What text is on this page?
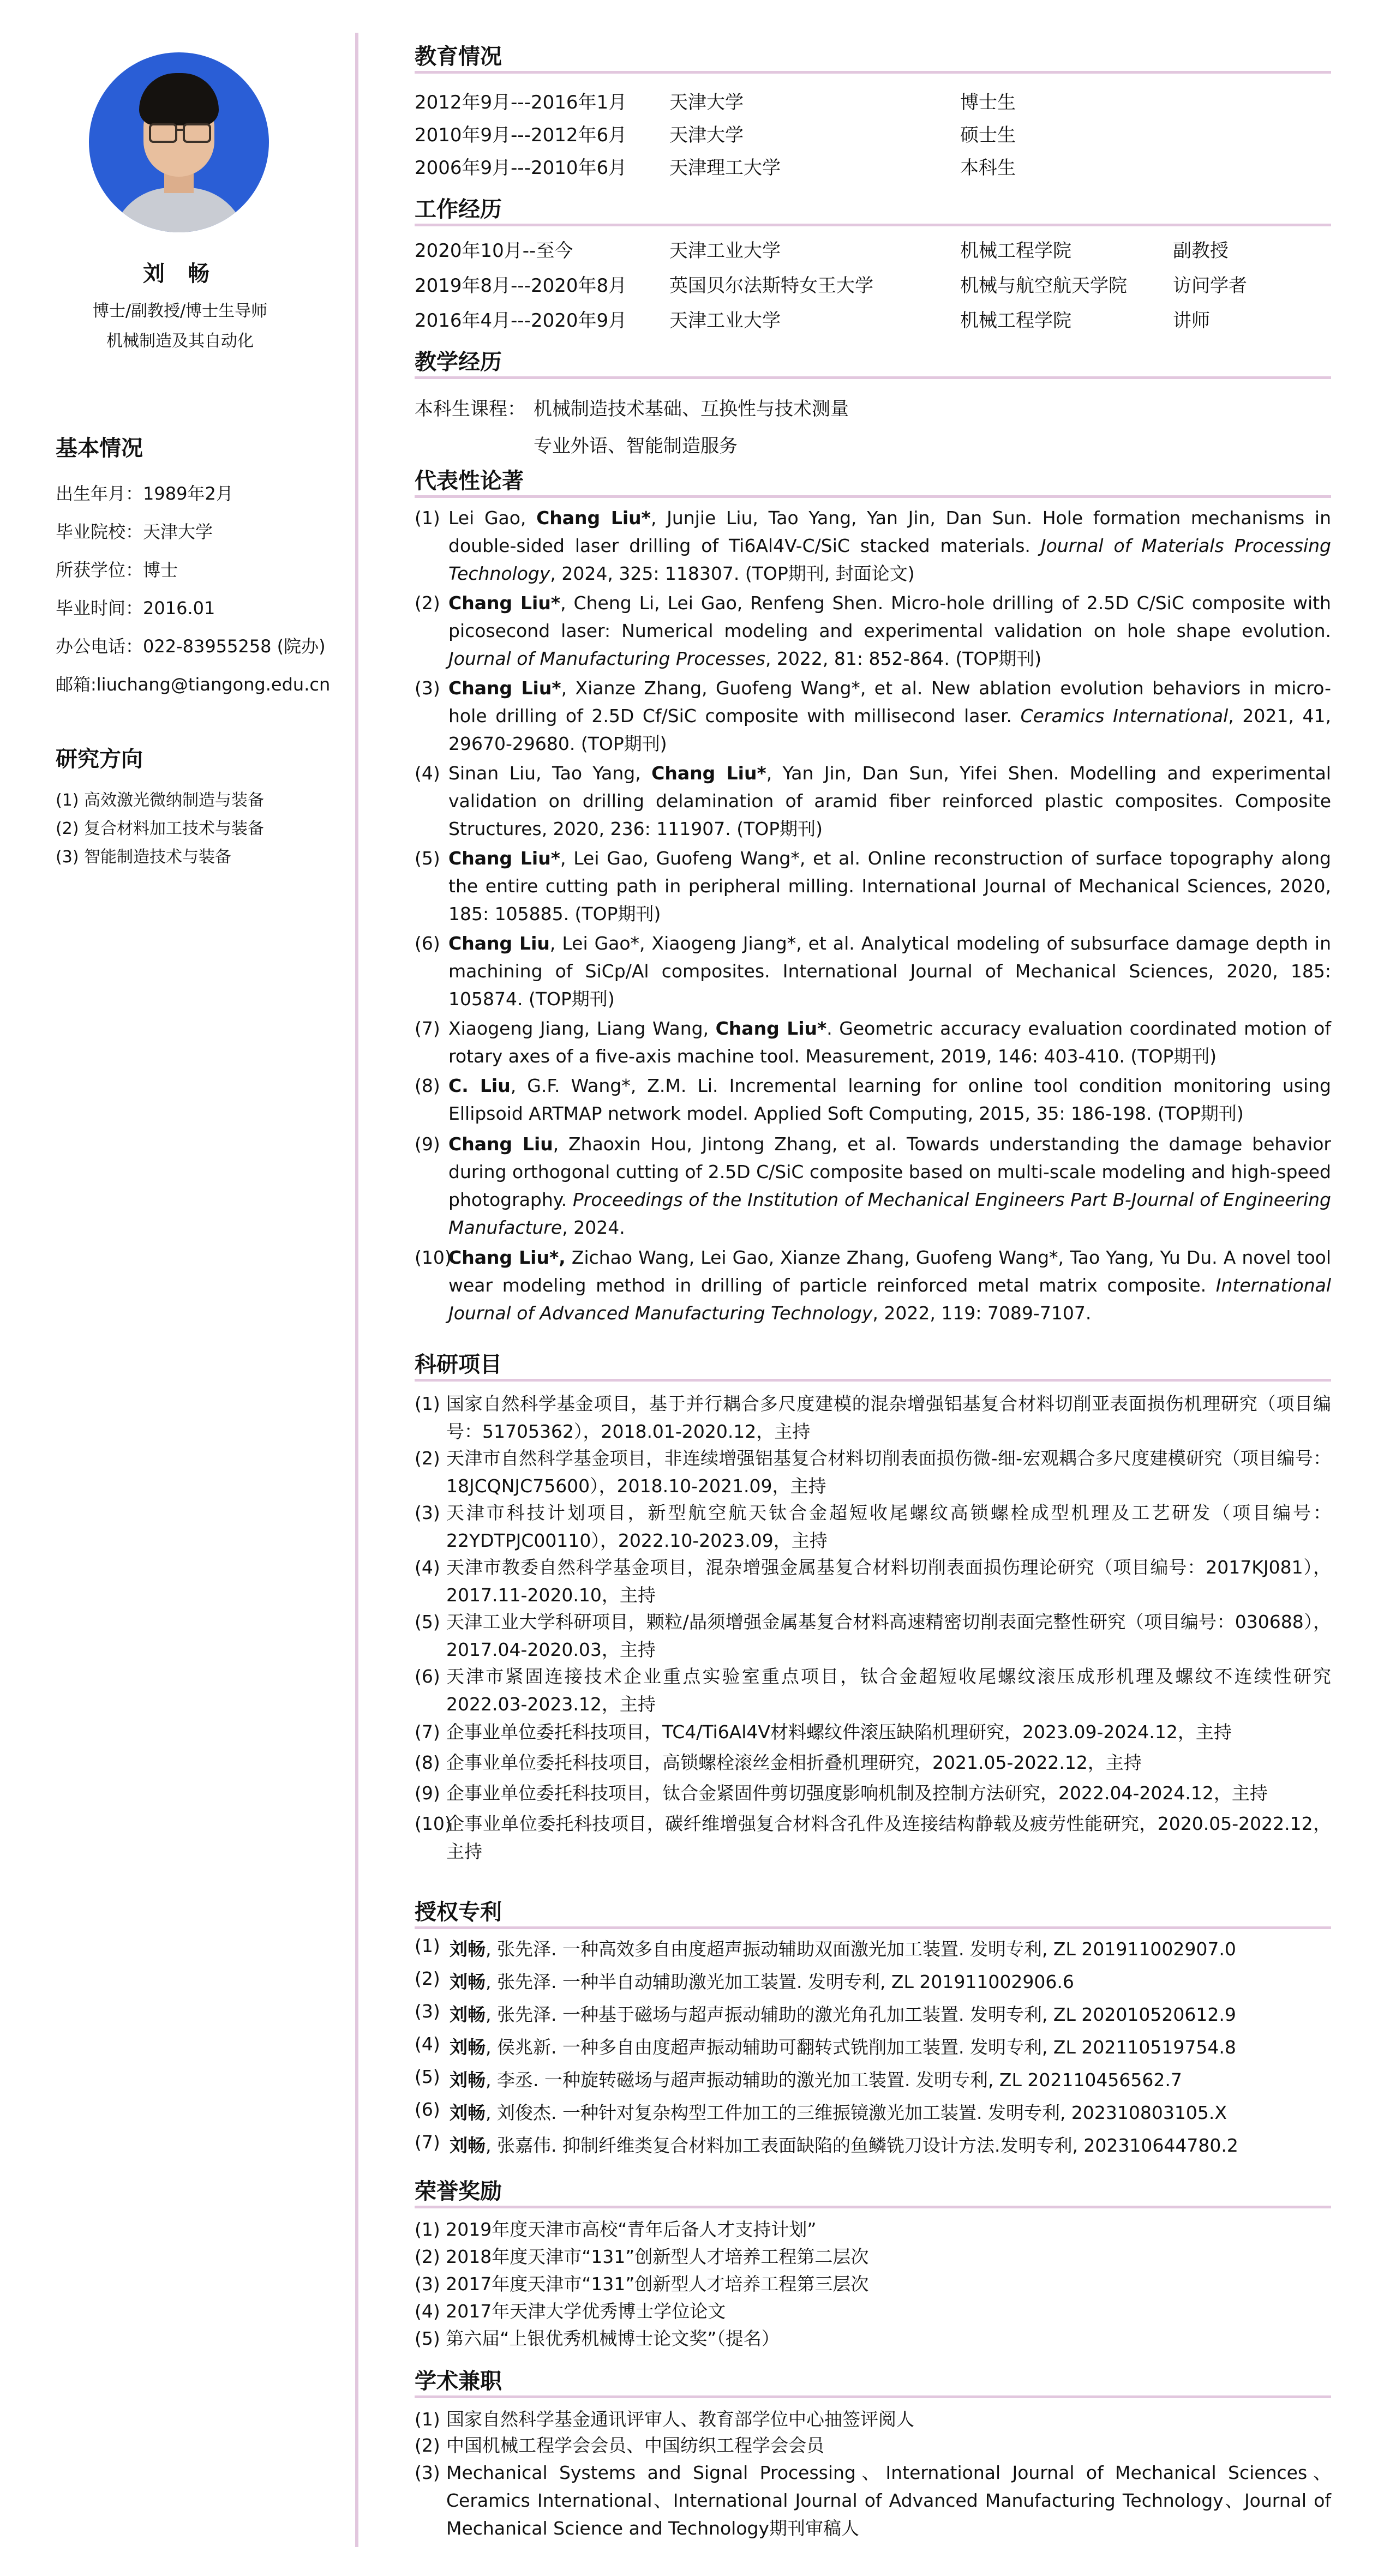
刘 畅
博士/副教授/博士生导师
机械制造及其自动化
基本情况
出生年月：1989年2月
毕业院校：天津大学
所获学位：博士
毕业时间：2016.01
办公电话：022-83955258 (院办)
邮箱:liuchang@tiangong.edu.cn
研究方向
(1) 高效激光微纳制造与装备
(2) 复合材料加工技术与装备
(3) 智能制造技术与装备
教育情况
2012年9月---2016年1月 天津大学	博士生
2010年9月---2012年6月 天津大学	硕士生
2006年9月---2010年6月 天津理工大学	本科生
工作经历
2020年10月--至今	天津工业大学	机械工程学院	副教授
2019年8月---2020年8月 英国贝尔法斯特女王大学	机械与航空航天学院 访问学者
2016年4月---2020年9月 天津工业大学	机械工程学院	讲师
教学经历
本科生课程： 机械制造技术基础、互换性与技术测量
专业外语、智能制造服务
代表性论著
(1) Lei Gao, Chang Liu*, Junjie Liu, Tao Yang, Yan Jin, Dan Sun. Hole formation mechanisms in double-sided laser drilling of Ti6Al4V-C/SiC stacked materials. Journal of Materials Processing Technology, 2024, 325: 118307. (TOP期刊, 封面论文)
(2) Chang Liu*, Cheng Li, Lei Gao, Renfeng Shen. Micro-hole drilling of 2.5D C/SiC composite with picosecond laser: Numerical modeling and experimental validation on hole shape evolution. Journal of Manufacturing Processes, 2022, 81: 852-864. (TOP期刊)
(3) Chang Liu*, Xianze Zhang, Guofeng Wang*, et al. New ablation evolution behaviors in micro-hole drilling of 2.5D Cf/SiC composite with millisecond laser. Ceramics International, 2021, 41, 29670-29680. (TOP期刊)
(4) Sinan Liu, Tao Yang, Chang Liu*, Yan Jin, Dan Sun, Yifei Shen. Modelling and experimental validation on drilling delamination of aramid fiber reinforced plastic composites. Composite Structures, 2020, 236: 111907. (TOP期刊)
(5) Chang Liu*, Lei Gao, Guofeng Wang*, et al. Online reconstruction of surface topography along the entire cutting path in peripheral milling. International Journal of Mechanical Sciences, 2020, 185: 105885. (TOP期刊)
(6) Chang Liu, Lei Gao*, Xiaogeng Jiang*, et al. Analytical modeling of subsurface damage depth in machining of SiCp/Al composites. International Journal of Mechanical Sciences, 2020, 185: 105874. (TOP期刊)
(7) Xiaogeng Jiang, Liang Wang, Chang Liu*. Geometric accuracy evaluation coordinated motion of rotary axes of a five-axis machine tool. Measurement, 2019, 146: 403-410. (TOP期刊)
(8) C. Liu, G.F. Wang*, Z.M. Li. Incremental learning for online tool condition monitoring using Ellipsoid ARTMAP network model. Applied Soft Computing, 2015, 35: 186-198. (TOP期刊)
(9) Chang Liu, Zhaoxin Hou, Jintong Zhang, et al. Towards understanding the damage behavior during orthogonal cutting of 2.5D C/SiC composite based on multi-scale modeling and high-speed photography. Proceedings of the Institution of Mechanical Engineers Part B-Journal of Engineering Manufacture, 2024.
(10)
Chang Liu*, Zichao Wang, Lei Gao, Xianze Zhang, Guofeng Wang*, Tao Yang, Yu Du. A novel tool wear modeling method in drilling of particle reinforced metal matrix composite. International Journal of Advanced Manufacturing Technology, 2022, 119: 7089-7107.
科研项目
(1) 国家自然科学基金项目，基于并行耦合多尺度建模的混杂增强铝基复合材料切削亚表面损伤机理研究（项目编号：51705362），2018.01-2020.12，主持
(2) 天津市自然科学基金项目，非连续增强铝基复合材料切削表面损伤微-细-宏观耦合多尺度建模研究（项目编号：18JCQNJC75600），2018.10-2021.09，主持
(3) 天津市科技计划项目，新型航空航天钛合金超短收尾螺纹高锁螺栓成型机理及工艺研发（项目编号：22YDTPJC00110），2022.10-2023.09，主持
(4) 天津市教委自然科学基金项目，混杂增强金属基复合材料切削表面损伤理论研究（项目编号：2017KJ081），2017.11-2020.10，主持
(5) 天津工业大学科研项目，颗粒/晶须增强金属基复合材料高速精密切削表面完整性研究（项目编号：030688），2017.04-2020.03，主持
(6) 天津市紧固连接技术企业重点实验室重点项目，钛合金超短收尾螺纹滚压成形机理及螺纹不连续性研究2022.03-2023.12，主持
(7) 企事业单位委托科技项目，TC4/Ti6Al4V材料螺纹件滚压缺陷机理研究，2023.09-2024.12，主持
(8) 企事业单位委托科技项目，高锁螺栓滚丝金相折叠机理研究，2021.05-2022.12，主持
(9) 企事业单位委托科技项目，钛合金紧固件剪切强度影响机制及控制方法研究，2022.04-2024.12，主持
(10)
企事业单位委托科技项目，碳纤维增强复合材料含孔件及连接结构静载及疲劳性能研究，2020.05-2022.12，主持
授权专利
(1) 刘畅, 张先泽. 一种高效多自由度超声振动辅助双面激光加工装置. 发明专利, ZL 201911002907.0
(2) 刘畅, 张先泽. 一种半自动辅助激光加工装置. 发明专利, ZL 201911002906.6
(3) 刘畅, 张先泽. 一种基于磁场与超声振动辅助的激光角孔加工装置. 发明专利, ZL 202010520612.9
(4) 刘畅, 侯兆新. 一种多自由度超声振动辅助可翻转式铣削加工装置. 发明专利, ZL 202110519754.8
(5) 刘畅, 李丞. 一种旋转磁场与超声振动辅助的激光加工装置. 发明专利, ZL 202110456562.7
(6) 刘畅, 刘俊杰. 一种针对复杂构型工件加工的三维振镜激光加工装置. 发明专利, 202310803105.X
(7) 刘畅, 张嘉伟. 抑制纤维类复合材料加工表面缺陷的鱼鳞铣刀设计方法.发明专利, 202310644780.2
荣誉奖励
(1) 2019年度天津市高校“青年后备人才支持计划”
(2) 2018年度天津市“131”创新型人才培养工程第二层次
(3) 2017年度天津市“131”创新型人才培养工程第三层次
(4) 2017年天津大学优秀博士学位论文
(5) 第六届“上银优秀机械博士论文奖”（提名）
学术兼职
(1) 国家自然科学基金通讯评审人、教育部学位中心抽签评阅人
(2) 中国机械工程学会会员、中国纺织工程学会会员
(3) Mechanical Systems and Signal Processing、International Journal of Mechanical Sciences、Ceramics International、International Journal of Advanced Manufacturing Technology、Journal of Mechanical Science and Technology期刊审稿人
